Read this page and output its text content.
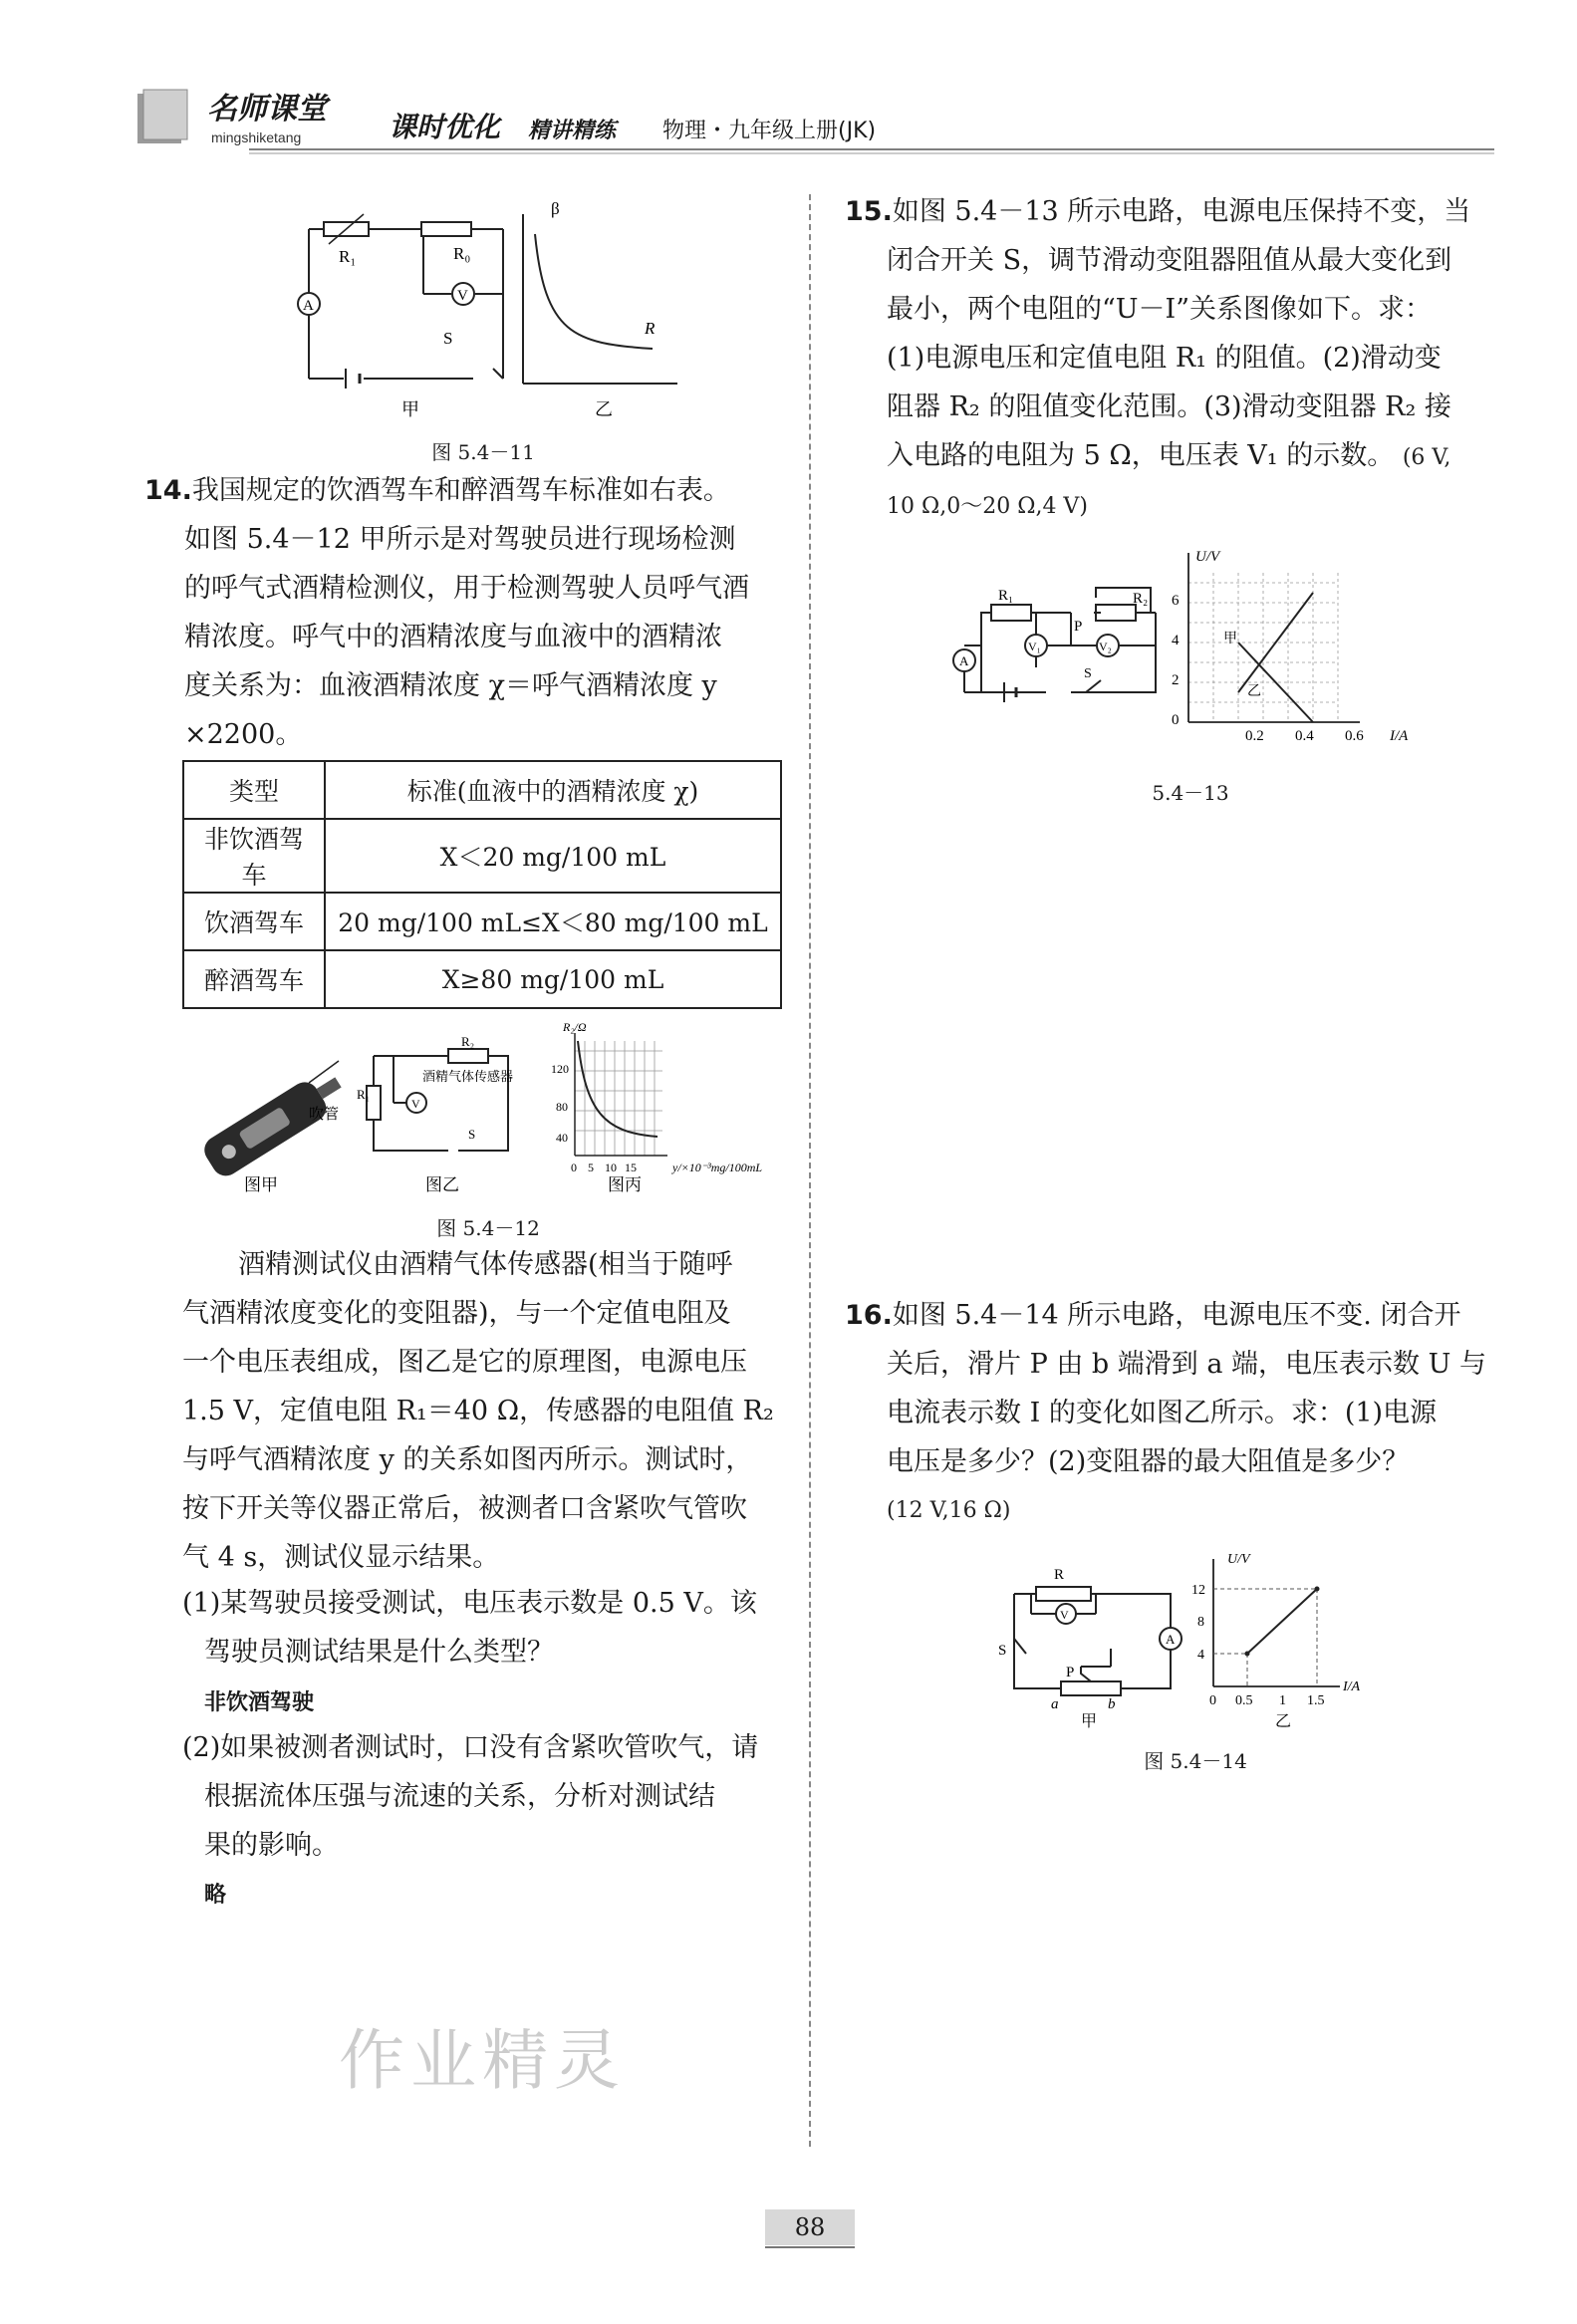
名师课堂
mingshiketang	课时优化 精讲精练 物理・九年级上册(JK)
R₁	R₀
A
V
S
甲
β
R
乙
图 5.4－11
14.我国规定的饮酒驾车和醉酒驾车标准如右表。
如图 5.4－12 甲所示是对驾驶员进行现场检测
的呼气式酒精检测仪，用于检测驾驶人员呼气酒
精浓度。呼气中的酒精浓度与血液中的酒精浓
度关系为：血液酒精浓度 χ＝呼气酒精浓度 y
×2200。
类型	标准(血液中的酒精浓度 χ)
非饮酒驾车	X＜20 mg/100 mL
饮酒驾车	20 mg/100 mL≤X＜80 mg/100 mL
醉酒驾车	X≥80 mg/100 mL
吹管
图甲
R₁
R₂
酒精气体传感器
V
S
图乙
R₂/Ω
120
80
40
0 5 10 15	y/×10⁻³mg/100mL
图丙
图 5.4－12
酒精测试仪由酒精气体传感器(相当于随呼
气酒精浓度变化的变阻器)，与一个定值电阻及
一个电压表组成，图乙是它的原理图，电源电压
1.5 V，定值电阻 R₁＝40 Ω，传感器的电阻值 R₂
与呼气酒精浓度 y 的关系如图丙所示。测试时，
按下开关等仪器正常后，被测者口含紧吹气管吹
气 4 s，测试仪显示结果。
(1)某驾驶员接受测试，电压表示数是 0.5 V。该
驾驶员测试结果是什么类型？
非饮酒驾驶
(2)如果被测者测试时，口没有含紧吹管吹气，请
根据流体压强与流速的关系，分析对测试结
果的影响。
略
作业精灵
15.如图 5.4－13 所示电路，电源电压保持不变，当
闭合开关 S，调节滑动变阻器阻值从最大变化到
最小，两个电阻的“U－I”关系图像如下。求：
(1)电源电压和定值电阻 R₁ 的阻值。(2)滑动变
阻器 R₂ 的阻值变化范围。(3)滑动变阻器 R₂ 接
入电路的电阻为 5 Ω，电压表 V₁ 的示数。 (6 V,
10 Ω,0～20 Ω,4 V)
R₁
P
R₂
V₁	V₂
A
S
甲
乙
U/V
6
4
2
0
0.2 0.4 0.6 I/A
5.4－13
16.如图 5.4－14 所示电路，电源电压不变. 闭合开
关后，滑片 P 由 b 端滑到 a 端，电压表示数 U 与
电流表示数 I 的变化如图乙所示。求：(1)电源
电压是多少？(2)变阻器的最大阻值是多少？
(12 V,16 Ω)
R
V
A
S
P
a	b
甲
U/V
12
8
4
0 0.5 1 1.5
I/A
乙
图 5.4－14
88
